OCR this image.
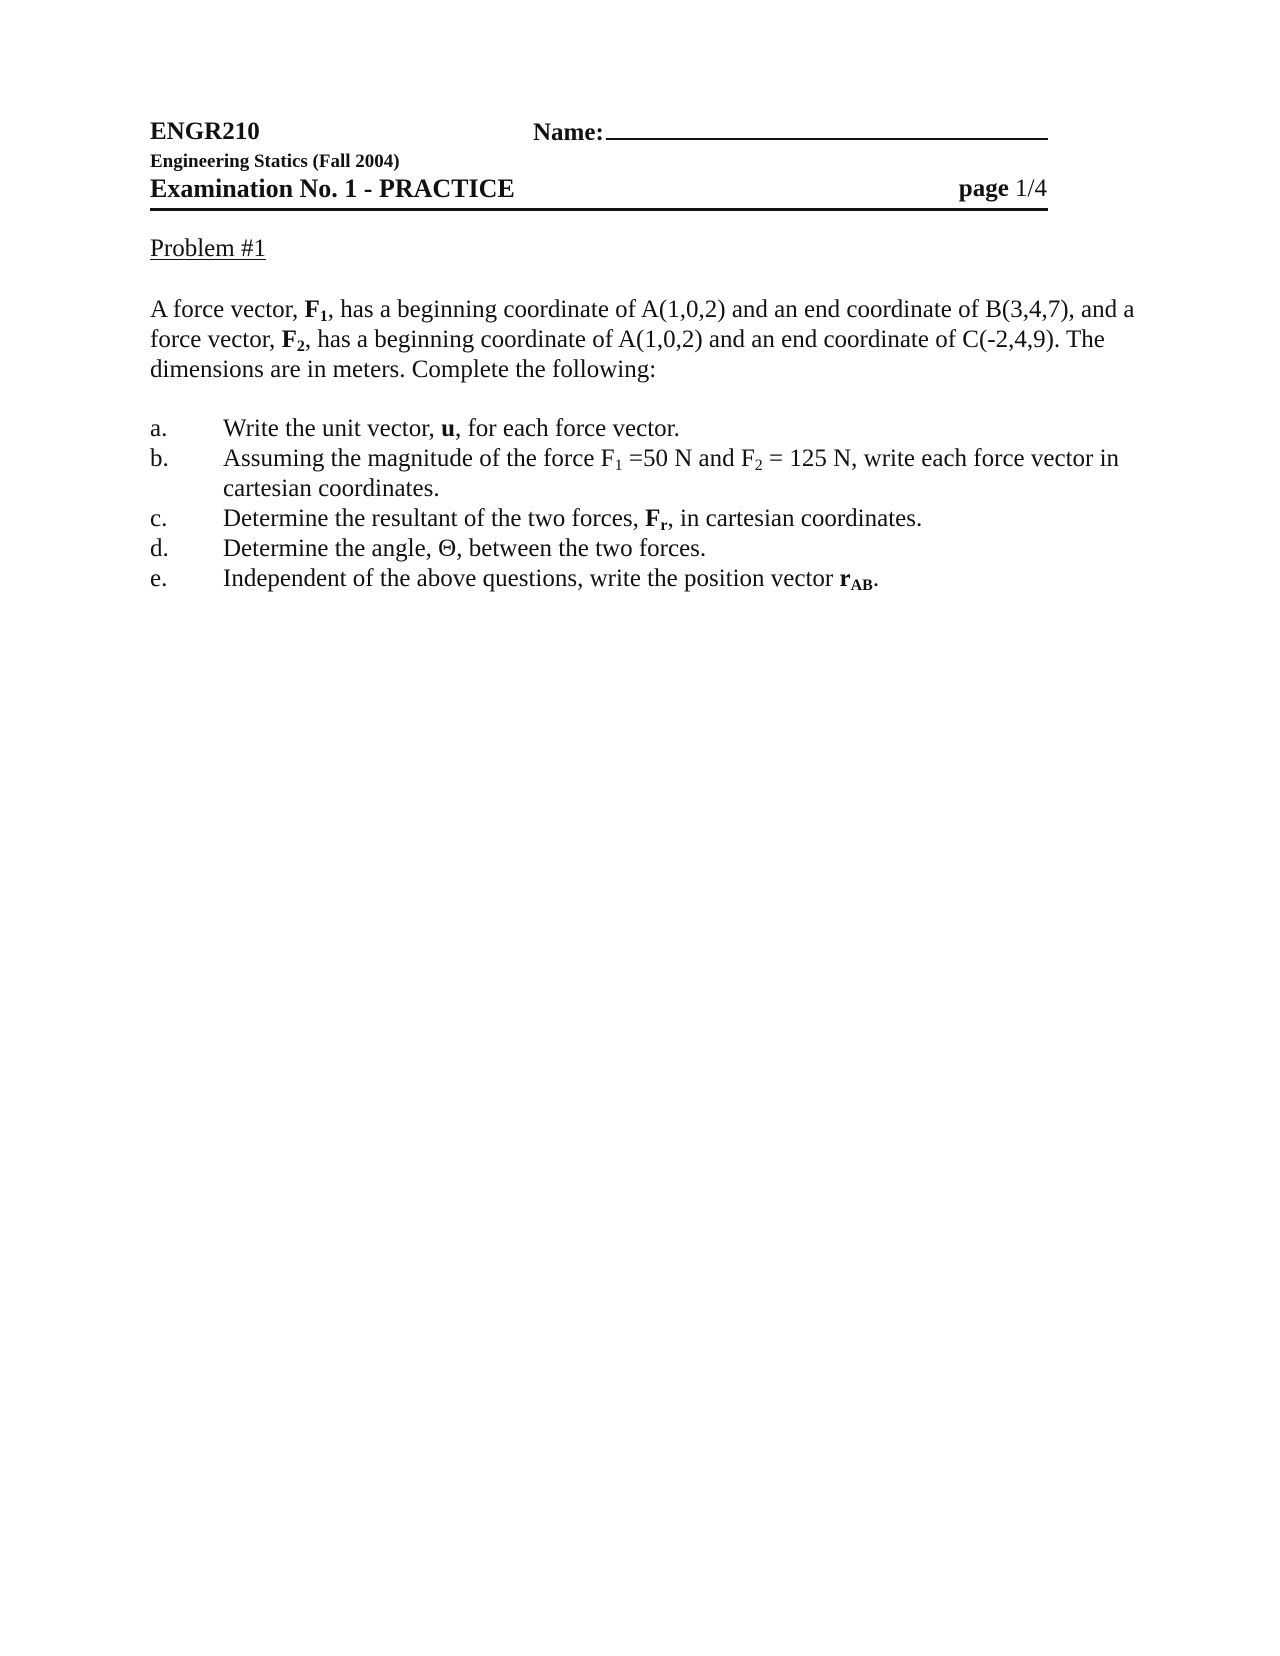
ENGR210	Name:
Engineering Statics (Fall 2004)
Examination No. 1 - PRACTICE	page 1/4
Problem #1
A force vector, $F_1$, has a beginning coordinate of A(1,0,2) and an end coordinate of B(3,4,7), and a
force vector, $F_2$, has a beginning coordinate of A(1,0,2) and an end coordinate of C(-2,4,9). The
dimensions are in meters. Complete the following:
a.	Write the unit vector, u, for each force vector.
b.	Assuming the magnitude of the force $F_1 =50$ N and $F_2 = 125$ N, write each force vector in cartesian coordinates.
c.	Determine the resultant of the two forces, $F_r$, in cartesian coordinates.
d.	Determine the angle, Θ, between the two forces.
e.	Independent of the above questions, write the position vector $r_{AB}$.
